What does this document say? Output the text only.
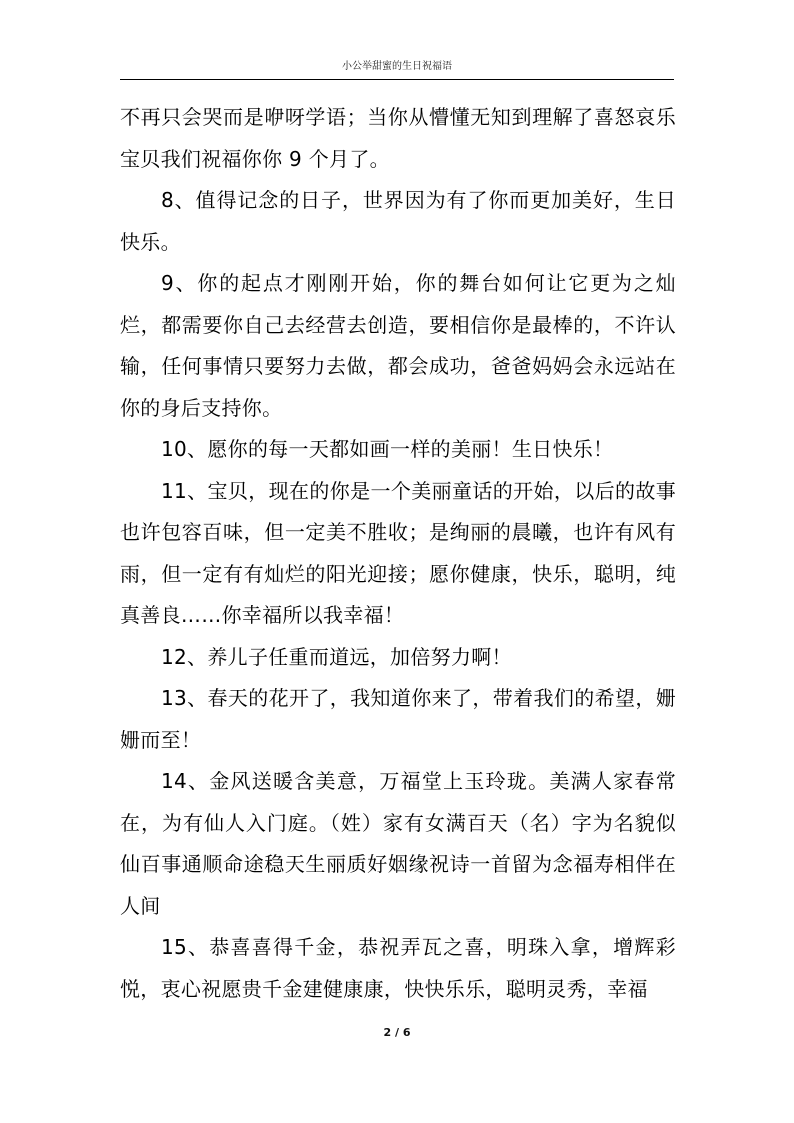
小公举甜蜜的生日祝福语

不再只会哭而是咿呀学语；当你从懵懂无知到理解了喜怒哀乐宝贝我们祝福你你 9 个月了。

8、值得记念的日子，世界因为有了你而更加美好，生日快乐。

9、你的起点才刚刚开始，你的舞台如何让它更为之灿烂，都需要你自己去经营去创造，要相信你是最棒的，不许认输，任何事情只要努力去做，都会成功，爸爸妈妈会永远站在你的身后支持你。

10、愿你的每一天都如画一样的美丽！生日快乐！

11、宝贝，现在的你是一个美丽童话的开始，以后的故事也许包容百味，但一定美不胜收；是绚丽的晨曦，也许有风有雨，但一定有有灿烂的阳光迎接；愿你健康，快乐，聪明，纯真善良……你幸福所以我幸福！

12、养儿子任重而道远，加倍努力啊！

13、春天的花开了，我知道你来了，带着我们的希望，姗姗而至！

14、金风送暖含美意，万福堂上玉玲珑。美满人家春常在，为有仙人入门庭。（姓）家有女满百天（名）字为名貌似仙百事通顺命途稳天生丽质好姻缘祝诗一首留为念福寿相伴在人间

15、恭喜喜得千金，恭祝弄瓦之喜，明珠入拿，增辉彩悦，衷心祝愿贵千金建健康康，快快乐乐，聪明灵秀，幸福

2 / 6
